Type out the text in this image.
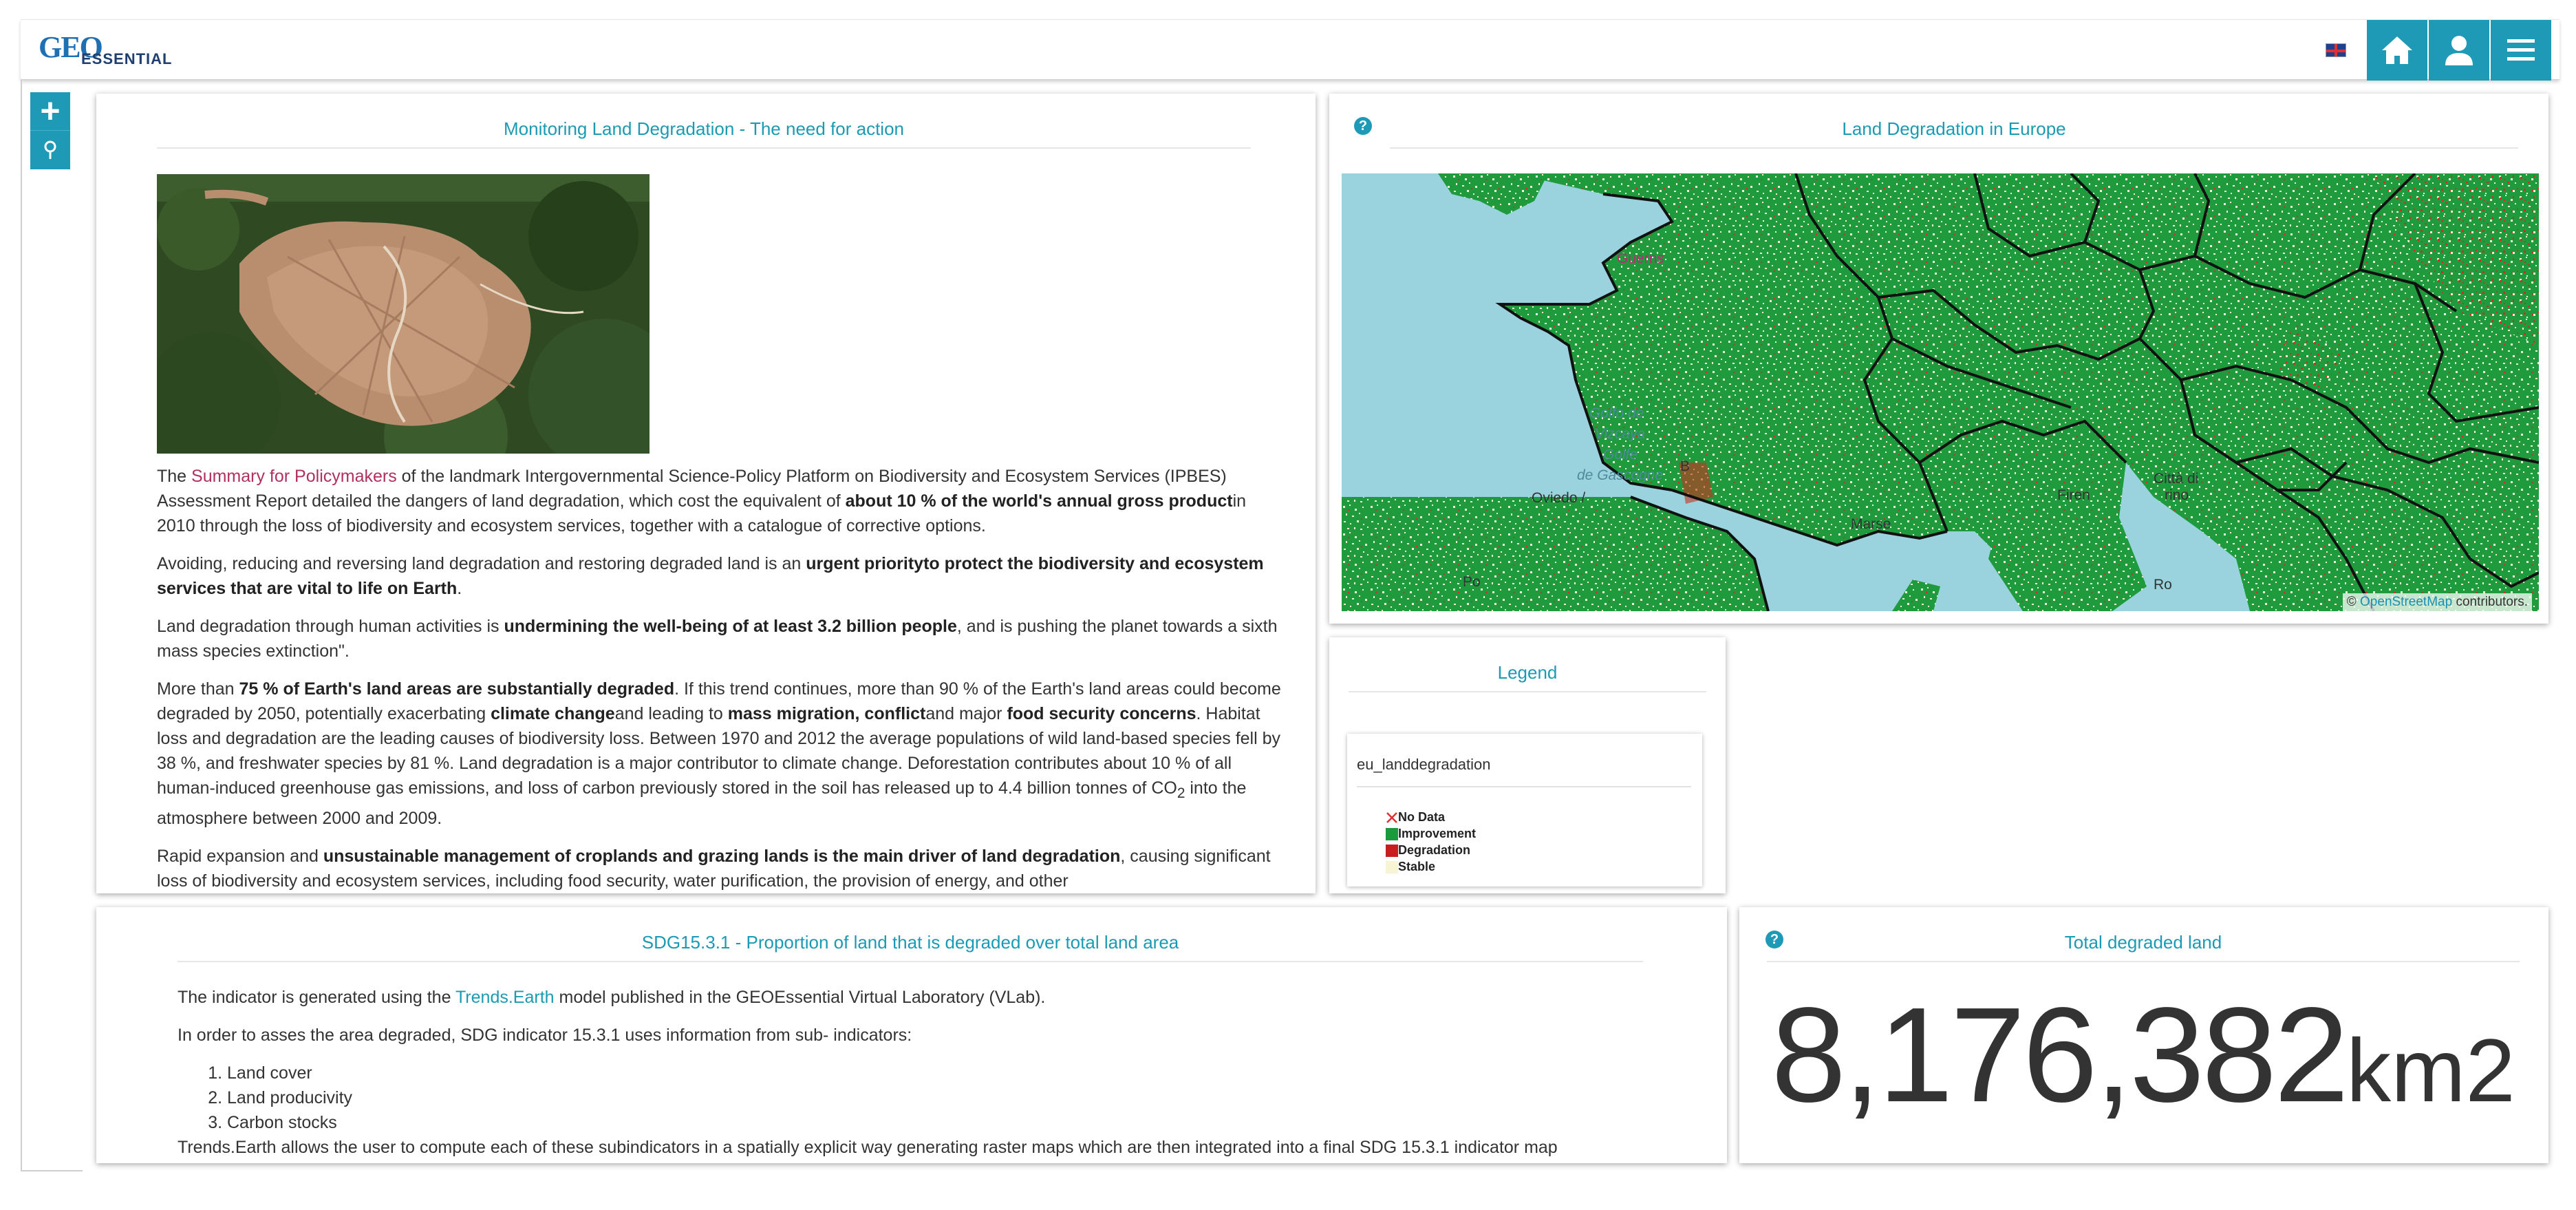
GEO
ESSENTIAL
+	Monitoring Land Degradation - The need for action

The Summary for Policymakers of the landmark Intergovernmental Science-Policy Platform on Biodiversity and Ecosystem Services (IPBES) Assessment Report detailed the dangers of land degradation, which cost the equivalent of about 10 % of the world's annual gross productin 2010 through the loss of biodiversity and ecosystem services, together with a catalogue of corrective options.

Avoiding, reducing and reversing land degradation and restoring degraded land is an urgent priorityto protect the biodiversity and ecosystem services that are vital to life on Earth.

Land degradation through human activities is undermining the well-being of at least 3.2 billion people, and is pushing the planet towards a sixth mass species extinction".

More than 75 % of Earth's land areas are substantially degraded. If this trend continues, more than 90 % of the Earth's land areas could become degraded by 2050, potentially exacerbating climate changeand leading to mass migration, conflictand major food security concerns. Habitat loss and degradation are the leading causes of biodiversity loss. Between 1970 and 2012 the average populations of wild land-based species fell by 38 %, and freshwater species by 81 %. Land degradation is a major contributor to climate change. Deforestation contributes about 10 % of all human-induced greenhouse gas emissions, and loss of carbon previously stored in the soil has released up to 4.4 billion tonnes of $CO_2$ into the atmosphere between 2000 and 2009.

Rapid expansion and unsustainable management of croplands and grazing lands is the main driver of land degradation, causing significant loss of biodiversity and ecosystem services, including food security, water purification, the provision of energy, and other

?	Land Degradation in Europe
Guerns
Golfo de
Vizcaya
Golfe
de Gascogne
Oviedo /
Marse
Firen
Città di
rino
Ro
Po
B
© OpenStreetMap contributors.
Legend
eu_landdegradation
No Data
Improvement
Degradation
Stable
SDG15.3.1 - Proportion of land that is degraded over total land area

The indicator is generated using the Trends.Earth model published in the GEOEssential Virtual Laboratory (VLab).

In order to asses the area degraded, SDG indicator 15.3.1 uses information from sub- indicators:

1. Land cover
2. Land producivity
3. Carbon stocks

Trends.Earth allows the user to compute each of these subindicators in a spatially explicit way generating raster maps which are then integrated into a final SDG 15.3.1 indicator map

?	Total degraded land
8,176,382km2
